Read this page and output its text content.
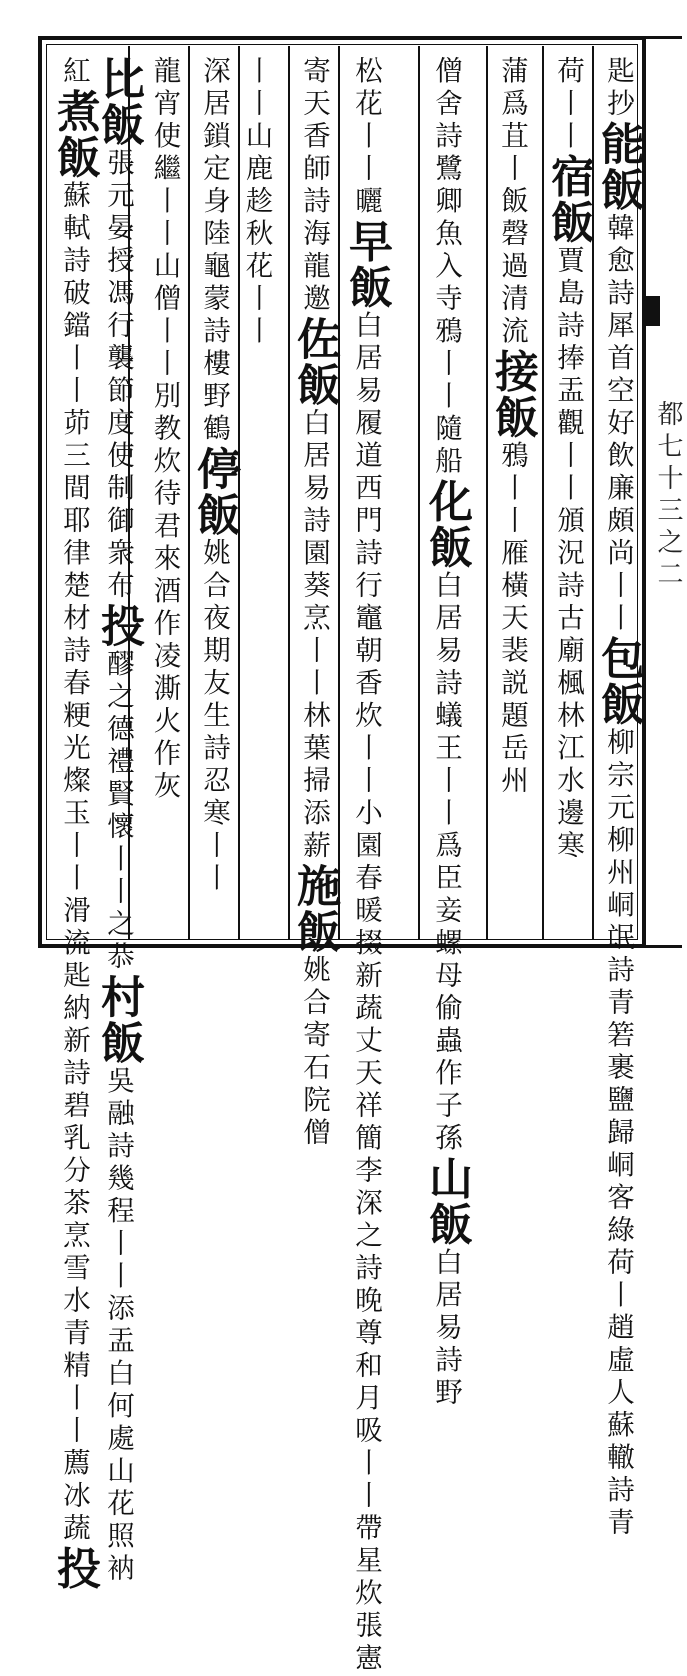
匙抄能飯韓愈詩犀首空好飲廉頗尚丨丨包飯柳宗元柳州峒氓詩青箬裹鹽歸峒客綠荷丨趙虛人蘇轍詩青
荷丨丨宿飯賈島詩捧盂觀丨丨頒況詩古廟楓林江水邊寒
蒲爲苴丨飯磬過清流接飯鴉丨丨雁橫天裴説題岳州
僧舍詩鷺卿魚入寺鴉丨丨隨船化飯白居易詩蟻王丨丨爲臣妾螺母偷蟲作子孫山飯白居易詩野
松花丨丨曬早飯白居易履道西門詩行竈朝香炊丨丨小園春暖掇新蔬丈天祥簡李深之詩晚尊和月吸丨丨帶星炊張憲
寄天香師詩海龍邀佐飯白居易詩園葵烹丨丨林葉掃添薪施飯姚合寄石院僧
丨丨山鹿趁秋花丨丨
深居鎖定身陸龜蒙詩樓野鶴停飯姚合夜期友生詩忍寒丨丨
龍宵使繼丨丨山僧丨丨別教炊待君來酒作凌澌火作灰
比飯張元晏授馮行襲節度使制御衆布投醪之德禮賢懷丨丨之恭村飯吳融詩幾程丨丨添盂白何處山花照衲
紅煮飯蘇軾詩破鐺丨丨茆三間耶律楚材詩春粳光燦玉丨丨滑流匙納新詩碧乳分茶烹雪水青精丨丨薦冰蔬投
都七十三之二
